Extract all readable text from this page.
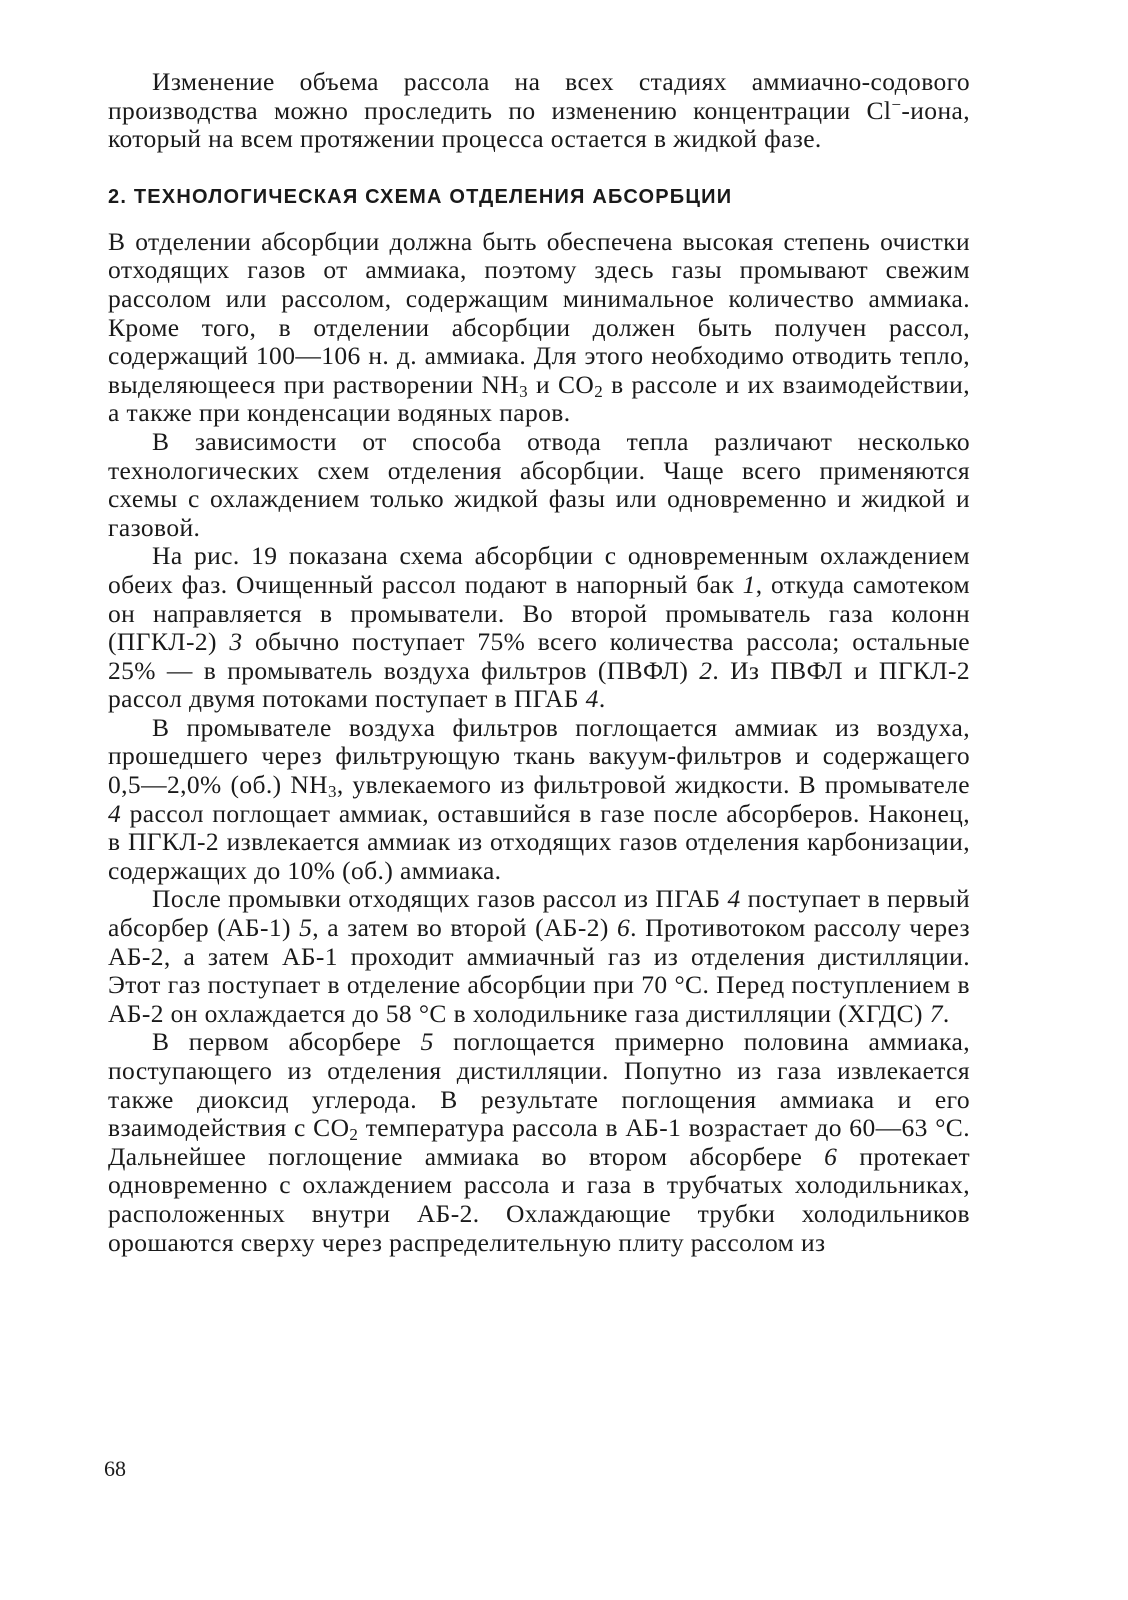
Изменение объема рассола на всех стадиях аммиачно-содового производства можно проследить по изменению концентрации Cl−-иона, который на всем протяжении процесса остается в жидкой фазе.

2. ТЕХНОЛОГИЧЕСКАЯ СХЕМА ОТДЕЛЕНИЯ АБСОРБЦИИ

В отделении абсорбции должна быть обеспечена высокая степень очистки отходящих газов от аммиака, поэтому здесь газы промывают свежим рассолом или рассолом, содержащим минимальное количество аммиака. Кроме того, в отделении абсорбции должен быть получен рассол, содержащий 100—106 н. д. аммиака. Для этого необходимо отводить тепло, выделяющееся при растворении $NH_3$ и $CO_2$ в рассоле и их взаимодействии, а также при конденсации водяных паров.

В зависимости от способа отвода тепла различают несколько технологических схем отделения абсорбции. Чаще всего применяются схемы с охлаждением только жидкой фазы или одновременно и жидкой и газовой.

На рис. 19 показана схема абсорбции с одновременным охлаждением обеих фаз. Очищенный рассол подают в напорный бак 1, откуда самотеком он направляется в промыватели. Во второй промыватель газа колонн (ПГКЛ-2) 3 обычно поступает 75% всего количества рассола; остальные 25% — в промыватель воздуха фильтров (ПВФЛ) 2. Из ПВФЛ и ПГКЛ-2 рассол двумя потоками поступает в ПГАБ 4.

В промывателе воздуха фильтров поглощается аммиак из воздуха, прошедшего через фильтрующую ткань вакуум-фильтров и содержащего 0,5—2,0% (об.) $NH_3$, увлекаемого из фильтровой жидкости. В промывателе 4 рассол поглощает аммиак, оставшийся в газе после абсорберов. Наконец, в ПГКЛ-2 извлекается аммиак из отходящих газов отделения карбонизации, содержащих до 10% (об.) аммиака.

После промывки отходящих газов рассол из ПГАБ 4 поступает в первый абсорбер (АБ-1) 5, а затем во второй (АБ-2) 6. Противотоком рассолу через АБ-2, а затем АБ-1 проходит аммиачный газ из отделения дистилляции. Этот газ поступает в отделение абсорбции при 70 °С. Перед поступлением в АБ-2 он охлаждается до 58 °С в холодильнике газа дистилляции (ХГДС) 7.

В первом абсорбере 5 поглощается примерно половина аммиака, поступающего из отделения дистилляции. Попутно из газа извлекается также диоксид углерода. В результате поглощения аммиака и его взаимодействия с $CO_2$ температура рассола в АБ-1 возрастает до 60—63 °С. Дальнейшее поглощение аммиака во втором абсорбере 6 протекает одновременно с охлаждением рассола и газа в трубчатых холодильниках, расположенных внутри АБ-2. Охлаждающие трубки холодильников орошаются сверху через распределительную плиту рассолом из

68
